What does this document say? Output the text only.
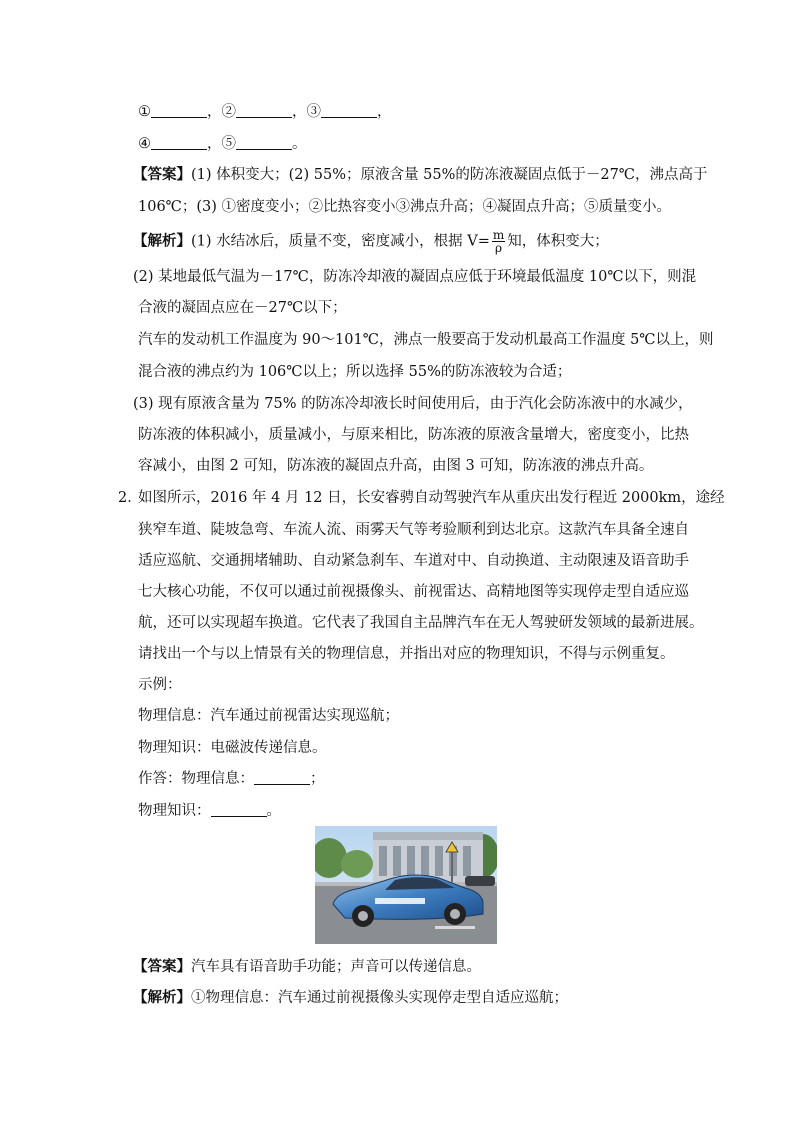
①	，②	，③	，
④	，⑤	。
【答案】(1) 体积变大；(2) 55%；原液含量 55%的防冻液凝固点低于－27℃，沸点高于
106℃；(3) ①密度变小；②比热容变小③沸点升高；④凝固点升高；⑤质量变小。
【解析】(1) 水结冰后，质量不变，密度减小，根据 $V= \frac{m}{\rho}$ 知，体积变大；
(2) 某地最低气温为－17℃，防冻冷却液的凝固点应低于环境最低温度 10℃以下，则混
合液的凝固点应在－27℃以下；
汽车的发动机工作温度为 90～101℃，沸点一般要高于发动机最高工作温度 5℃以上，则
混合液的沸点约为 106℃以上；所以选择 55%的防冻液较为合适；
(3) 现有原液含量为 75% 的防冻冷却液长时间使用后，由于汽化会防冻液中的水减少，
防冻液的体积减小，质量减小，与原来相比，防冻液的原液含量增大，密度变小，比热
容减小，由图 2 可知，防冻液的凝固点升高，由图 3 可知，防冻液的沸点升高。
2．
如图所示，2016 年 4 月 12 日，长安睿骋自动驾驶汽车从重庆出发行程近 2000km，途经
狭窄车道、陡坡急弯、车流人流、雨雾天气等考验顺利到达北京。这款汽车具备全速自
适应巡航、交通拥堵辅助、自动紧急刹车、车道对中、自动换道、主动限速及语音助手
七大核心功能，不仅可以通过前视摄像头、前视雷达、高精地图等实现停走型自适应巡
航，还可以实现超车换道。它代表了我国自主品牌汽车在无人驾驶研发领域的最新进展。
请找出一个与以上情景有关的物理信息，并指出对应的物理知识，不得与示例重复。
示例：
物理信息：汽车通过前视雷达实现巡航；
物理知识：电磁波传递信息。
作答：物理信息：	；
物理知识：	。
【答案】汽车具有语音助手功能；声音可以传递信息。
【解析】①物理信息：汽车通过前视摄像头实现停走型自适应巡航；
